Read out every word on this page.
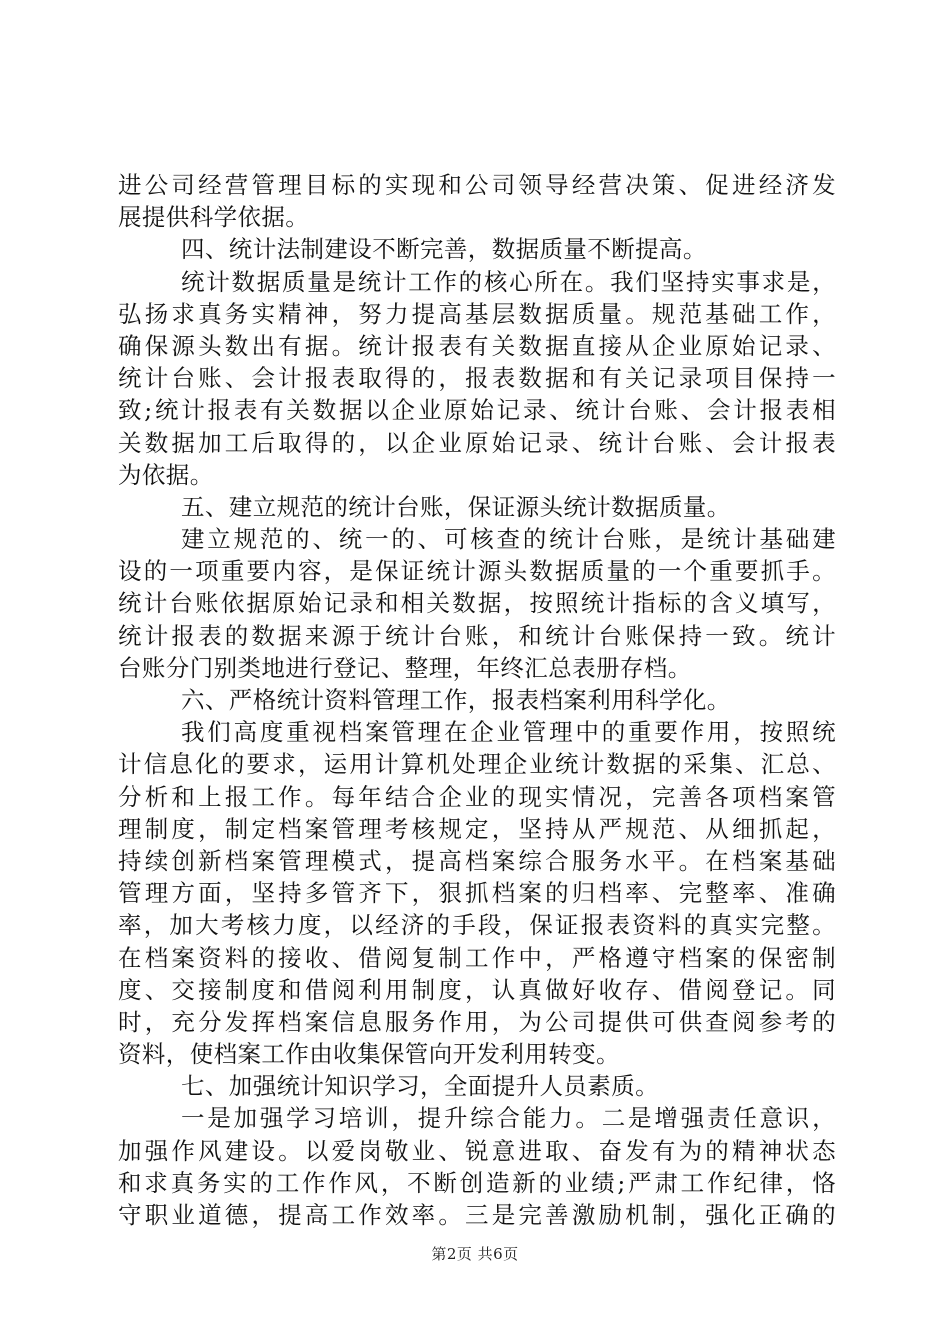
进公司经营管理目标的实现和公司领导经营决策、促进经济发
展提供科学依据。
四、统计法制建设不断完善，数据质量不断提高。
统计数据质量是统计工作的核心所在。我们坚持实事求是，
弘扬求真务实精神，努力提高基层数据质量。规范基础工作，
确保源头数出有据。统计报表有关数据直接从企业原始记录、
统计台账、会计报表取得的，报表数据和有关记录项目保持一
致;统计报表有关数据以企业原始记录、统计台账、会计报表相
关数据加工后取得的，以企业原始记录、统计台账、会计报表
为依据。
五、建立规范的统计台账，保证源头统计数据质量。
建立规范的、统一的、可核查的统计台账，是统计基础建
设的一项重要内容，是保证统计源头数据质量的一个重要抓手。
统计台账依据原始记录和相关数据，按照统计指标的含义填写，
统计报表的数据来源于统计台账，和统计台账保持一致。统计
台账分门别类地进行登记、整理，年终汇总表册存档。
六、严格统计资料管理工作，报表档案利用科学化。
我们高度重视档案管理在企业管理中的重要作用，按照统
计信息化的要求，运用计算机处理企业统计数据的采集、汇总、
分析和上报工作。每年结合企业的现实情况，完善各项档案管
理制度，制定档案管理考核规定，坚持从严规范、从细抓起，
持续创新档案管理模式，提高档案综合服务水平。在档案基础
管理方面，坚持多管齐下，狠抓档案的归档率、完整率、准确
率，加大考核力度，以经济的手段，保证报表资料的真实完整。
在档案资料的接收、借阅复制工作中，严格遵守档案的保密制
度、交接制度和借阅利用制度，认真做好收存、借阅登记。同
时，充分发挥档案信息服务作用，为公司提供可供查阅参考的
资料，使档案工作由收集保管向开发利用转变。
七、加强统计知识学习，全面提升人员素质。
一是加强学习培训，提升综合能力。二是增强责任意识，
加强作风建设。以爱岗敬业、锐意进取、奋发有为的精神状态
和求真务实的工作作风，不断创造新的业绩;严肃工作纪律，恪
守职业道德，提高工作效率。三是完善激励机制，强化正确的
第2页 共6页
